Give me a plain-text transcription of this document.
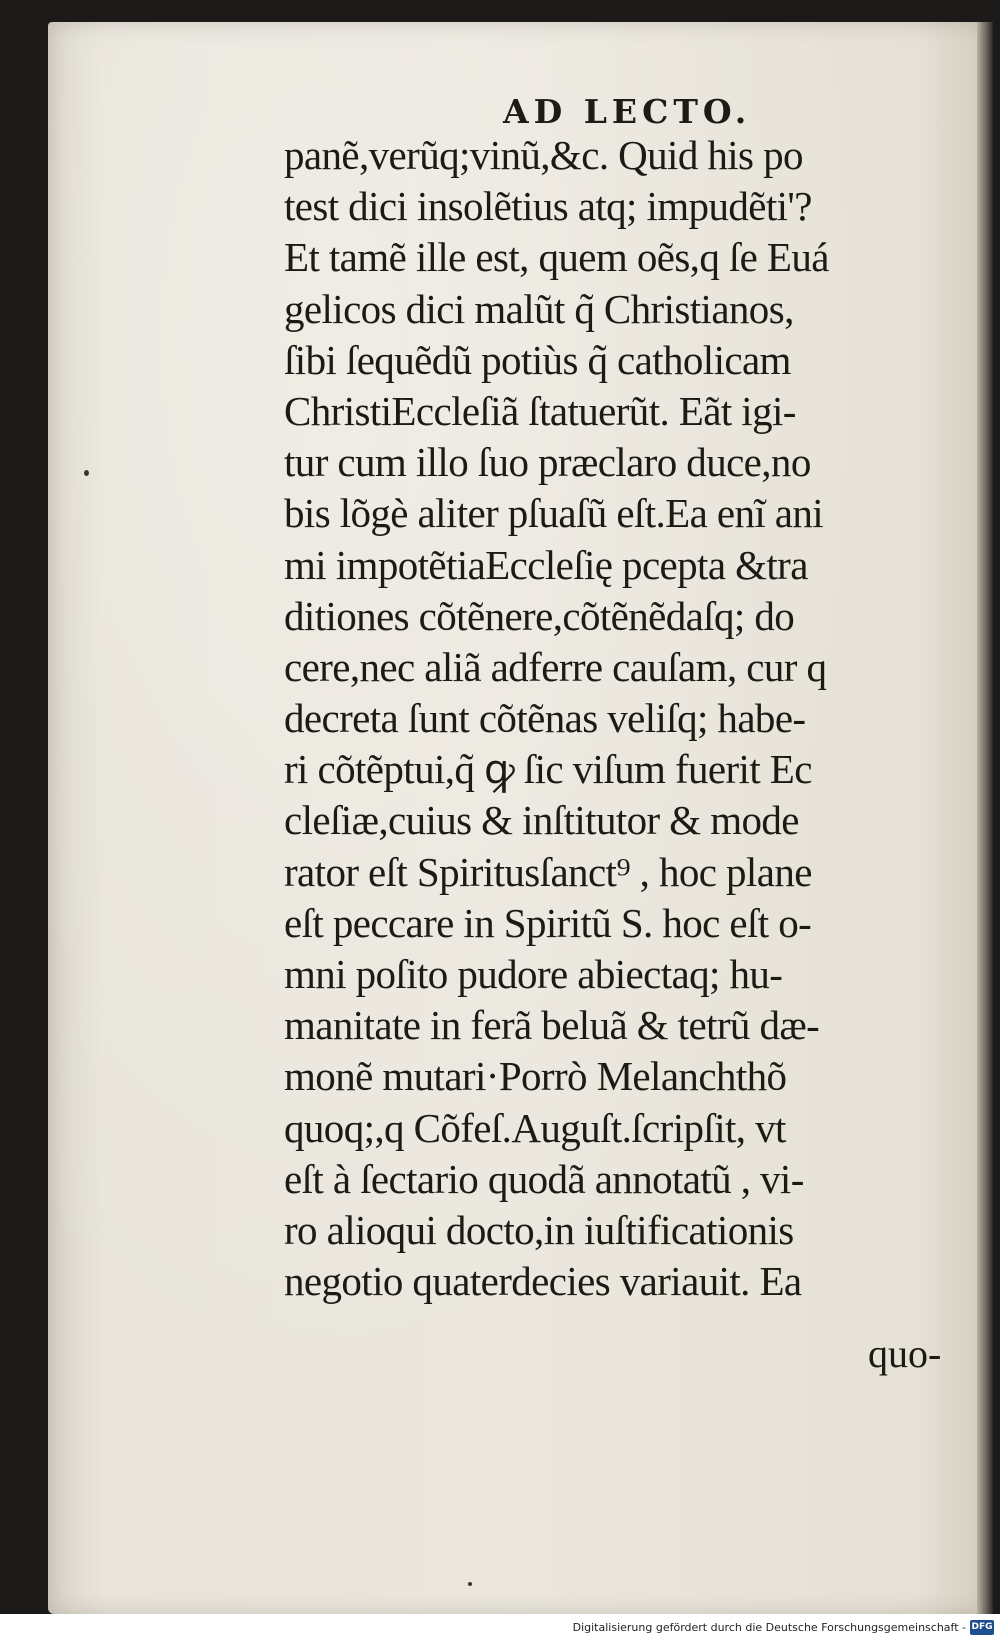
AD LECTO.
panẽ,verũq;vinũ,&c. Quid his po
test dici insolẽtius atq; impudẽti'?
Et tamẽ ille est, quem oẽs,q ſe Euá
gelicos dici malũt q̃ Christianos,
ſibi ſequẽdũ potiùs q̃ catholicam
ChristiEccleſiã ſtatuerũt. Eãt igi-
tur cum illo ſuo præclaro duce,no
bis lõgè aliter pſuaſũ eſt.Ea enĩ ani
mi impotẽtiaEccleſię pcepta &tra
ditiones cõtẽnere,cõtẽnẽdaſq; do
cere,nec aliã adferre cauſam, cur q
decreta ſunt cõtẽnas veliſq; habe-
ri cõtẽptui,q̃ ꝙ ſic viſum fuerit Ec
cleſiæ,cuius & inſtitutor & mode
rator eſt Spiritusſanct⁹ , hoc plane
eſt peccare in Spiritũ S. hoc eſt o-
mni poſito pudore abiectaq; hu-
manitate in ferã beluã & tetrũ dæ-
monẽ mutari·Porrò Melanchthõ
quoq;,q Cõfeſ.Auguſt.ſcripſit, vt
eſt à ſectario quodã annotatũ , vi-
ro alioqui docto,in iuſtificationis
negotio quaterdecies variauit. Ea
quo-
Digitalisierung gefördert durch die Deutsche Forschungsgemeinschaft - DFG
